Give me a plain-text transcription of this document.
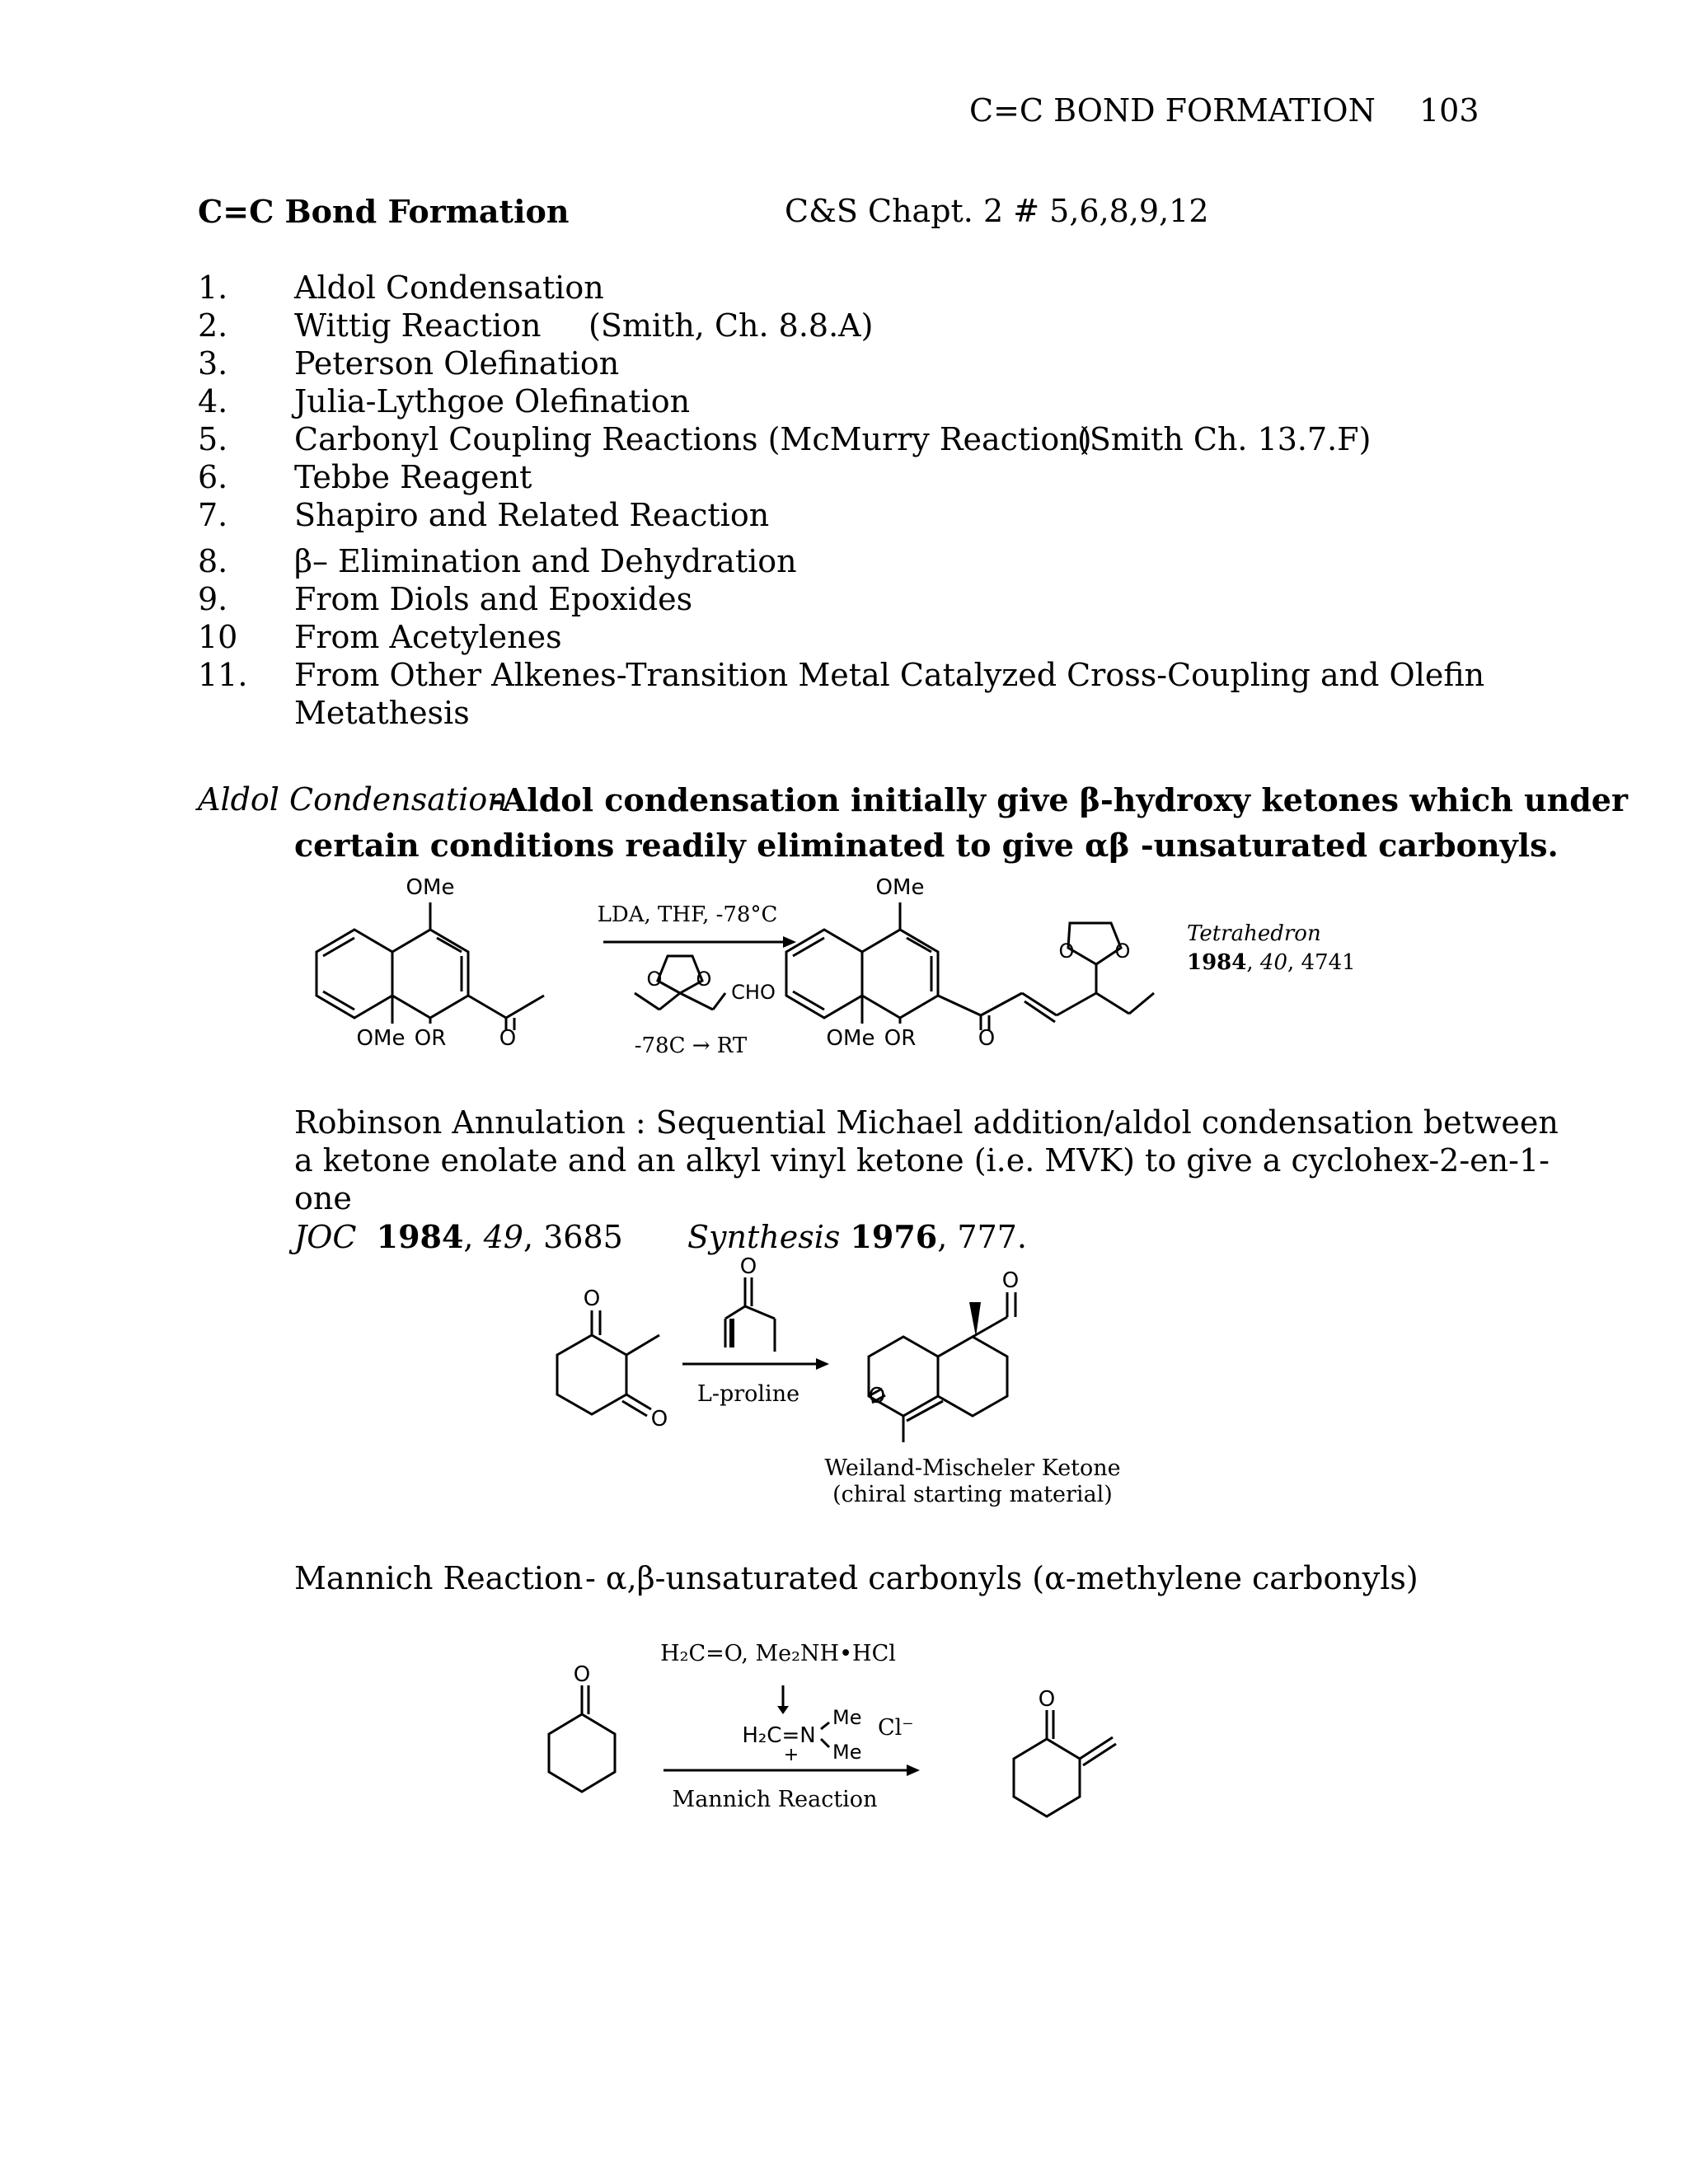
C=C BOND FORMATION 103
C=C Bond Formation	C&S Chapt. 2 # 5,6,8,9,12
1. Aldol Condensation
2. Wittig Reaction (Smith, Ch. 8.8.A)
3. Peterson Olefination
4. Julia-Lythgoe Olefination
5. Carbonyl Coupling Reactions (McMurry Reaction)
(Smith Ch. 13.7.F)
6. Tebbe Reagent
7. Shapiro and Related Reaction
8. β– Elimination and Dehydration
9. From Diols and Epoxides
10 From Acetylenes
11. From Other Alkenes-Transition Metal Catalyzed Cross-Coupling and Olefin
Metathesis
Aldol Condensation
-Aldol condensation initially give β-hydroxy ketones which under
certain conditions readily eliminated to give αβ -unsaturated carbonyls.
OMe
OMe OR O
LDA, THF, -78°C
O O
CHO
-78C → RT
OMe
OMe OR	O
O O
Tetrahedron
1984, 40, 4741
Robinson Annulation : Sequential Michael addition/aldol condensation between
a ketone enolate and an alkyl vinyl ketone (i.e. MVK) to give a cyclohex-2-en-1-
one
JOC 1984, 49, 3685 Synthesis 1976, 777.
O
O
O
L-proline
O
O
Weiland-Mischeler Ketone
(chiral starting material)
Mannich Reaction - α,β-unsaturated carbonyls (α-methylene carbonyls)
O
H₂C=O, Me₂NH•HCl
H₂C=N
+
Me
Me
Cl⁻
Mannich Reaction
O
